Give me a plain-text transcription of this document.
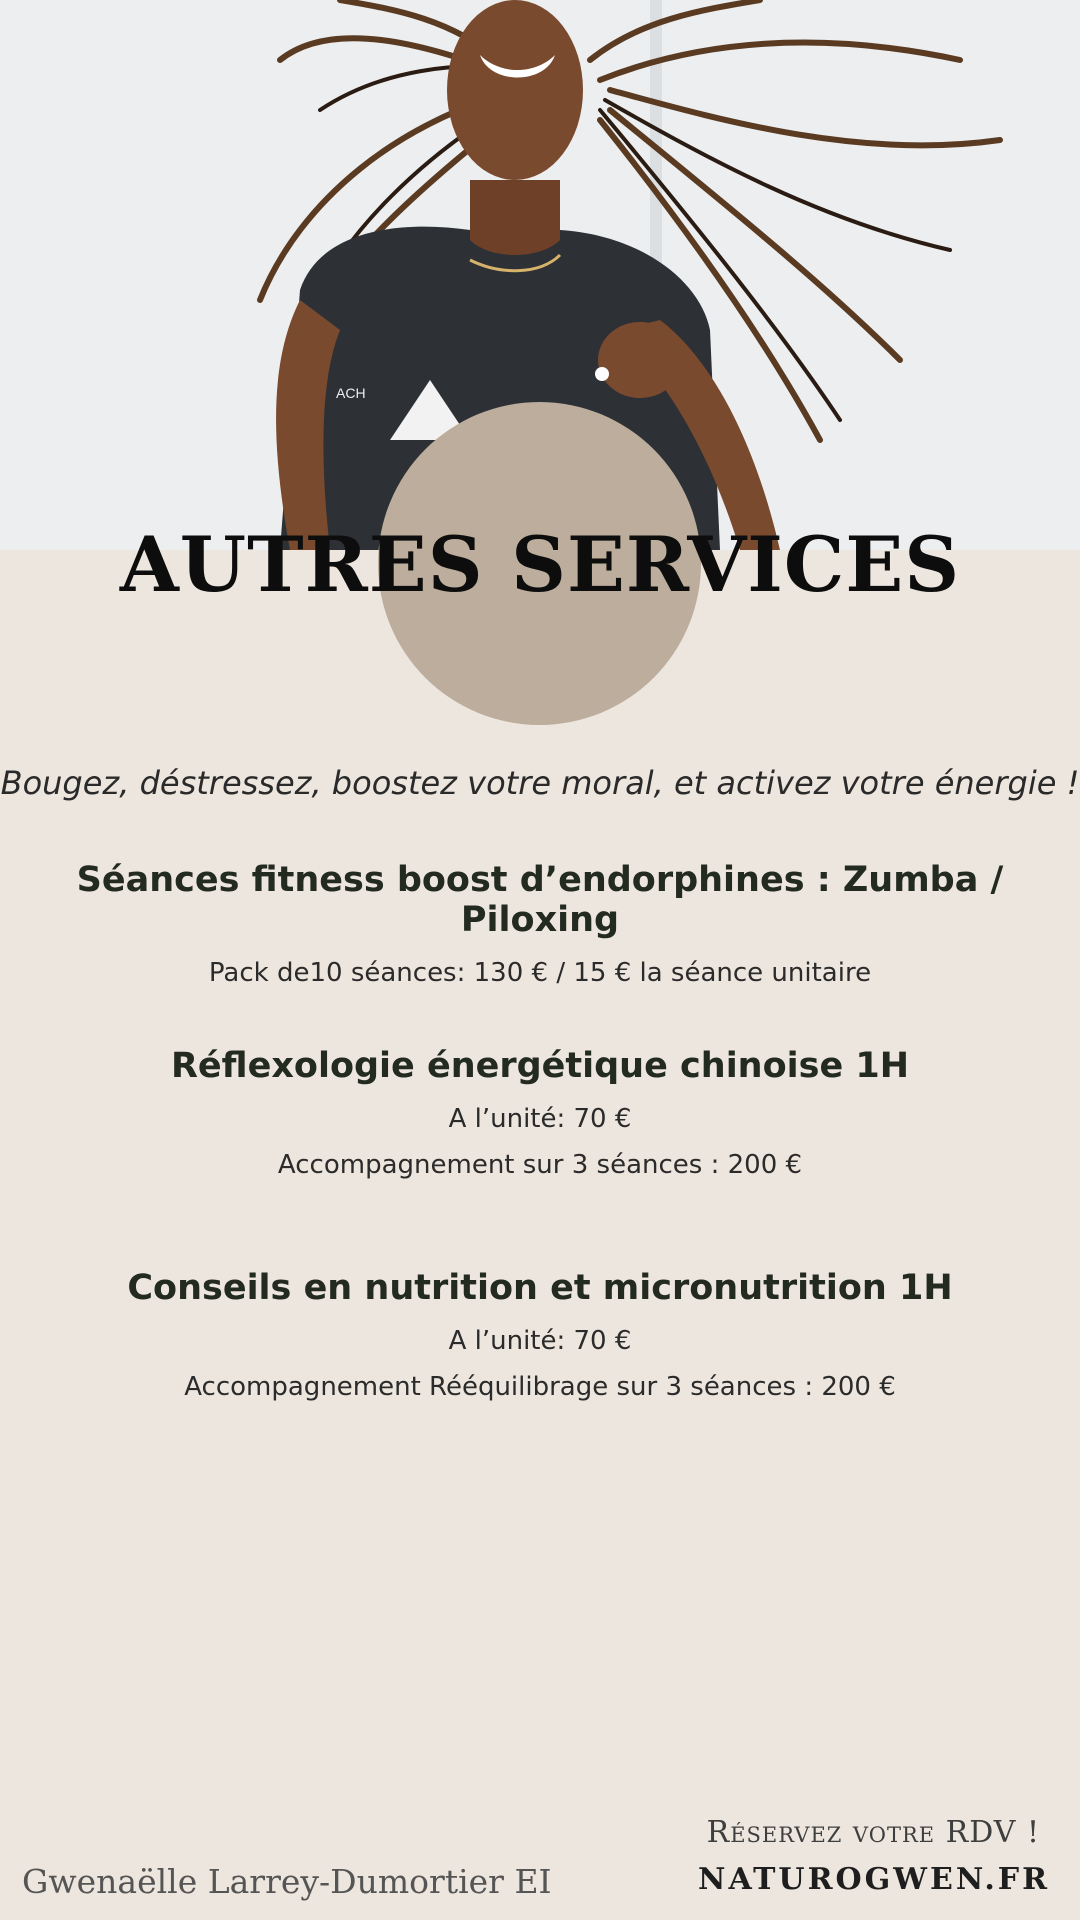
ACH
AUTRES SERVICES
Bougez, déstressez, boostez votre moral, et activez votre énergie !
Séances fitness boost d’endorphines : Zumba / Piloxing

Pack de10 séances: 130 € / 15 € la séance unitaire

Réflexologie énergétique chinoise 1H

A l’unité: 70 €

Accompagnement sur 3 séances : 200 €

Conseils en nutrition et micronutrition 1H

A l’unité: 70 €

Accompagnement Rééquilibrage sur 3 séances : 200 €

Gwenaëlle Larrey-Dumortier EI
Réservez votre RDV !
NATUROGWEN.FR
